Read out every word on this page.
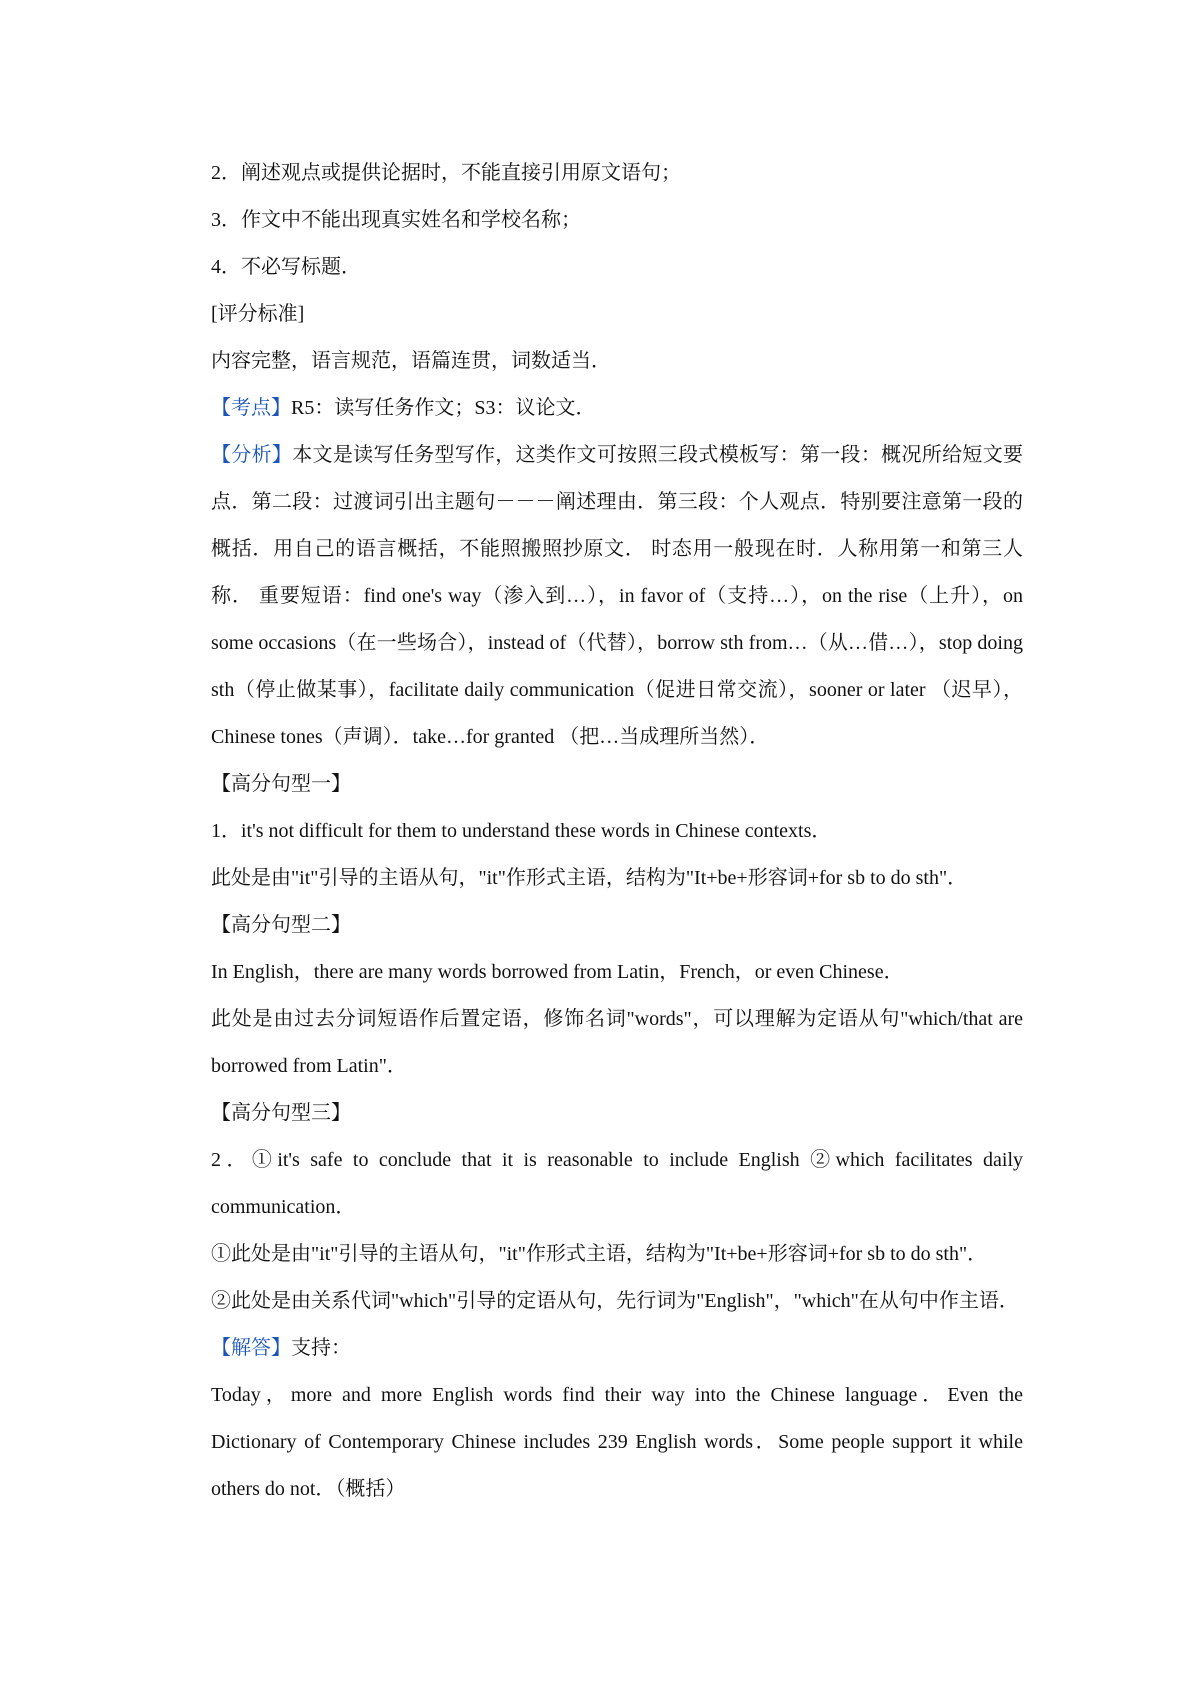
2．阐述观点或提供论据时，不能直接引用原文语句；
3．作文中不能出现真实姓名和学校名称；
4．不必写标题．
[评分标准]
内容完整，语言规范，语篇连贯，词数适当．
【考点】R5：读写任务作文；S3：议论文．
【分析】本文是读写任务型写作，这类作文可按照三段式模板写：第一段：概况所给短文要点．第二段：过渡词引出主题句－－－阐述理由．第三段：个人观点．特别要注意第一段的概括．用自己的语言概括，不能照搬照抄原文． 时态用一般现在时．人称用第一和第三人称． 重要短语：find one's way（渗入到…），in favor of（支持…），on the rise（上升），on some occasions（在一些场合），instead of（代替），borrow sth from…（从…借…），stop doing sth（停止做某事），facilitate daily communication（促进日常交流），sooner or later （迟早），Chinese tones（声调）．take…for granted （把…当成理所当然）．
【高分句型一】
1．it's not difficult for them to understand these words in Chinese contexts．
此处是由"it"引导的主语从句，"it"作形式主语，结构为"It+be+形容词+for sb to do sth"．
【高分句型二】
In English，there are many words borrowed from Latin，French，or even Chinese．
此处是由过去分词短语作后置定语，修饰名词"words"，可以理解为定语从句"which/that are borrowed from Latin"．
【高分句型三】
2．①it's safe to conclude that it is reasonable to include English ②which facilitates daily communication．
①此处是由"it"引导的主语从句，"it"作形式主语，结构为"It+be+形容词+for sb to do sth"．
②此处是由关系代词"which"引导的定语从句，先行词为"English"，"which"在从句中作主语．
【解答】支持：
Today，more and more English words find their way into the Chinese language．Even the Dictionary of Contemporary Chinese includes 239 English words．Some people support it while others do not．（概括）
